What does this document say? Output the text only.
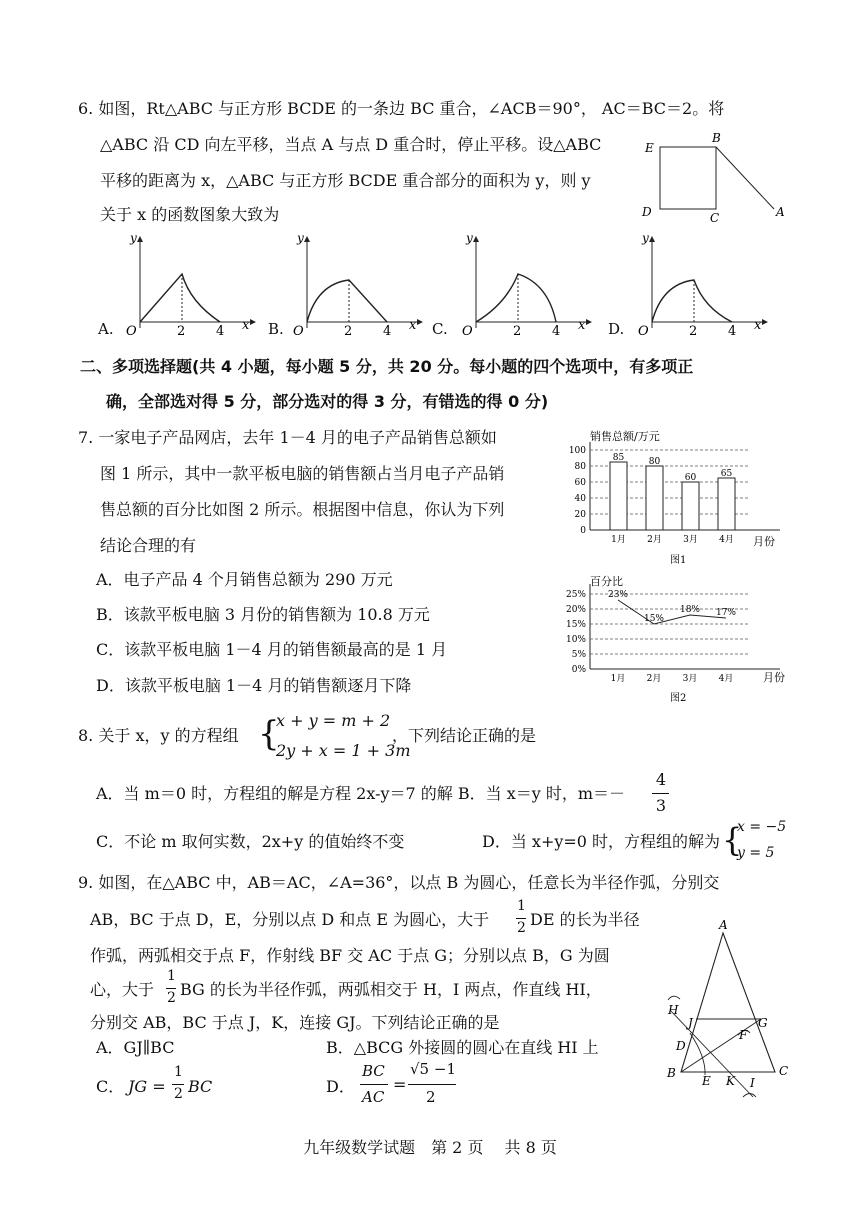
6. 如图，Rt△ABC 与正方形 BCDE 的一条边 BC 重合，∠ACB＝90°， AC＝BC＝2。将
△ABC 沿 CD 向左平移，当点 A 与点 D 重合时，停止平移。设△ABC
平移的距离为 x，△ABC 与正方形 BCDE 重合部分的面积为 y，则 y
关于 x 的函数图象大致为
E
B
D	C	A
A.	B.	C.	D.
y
O	2 4 x
y
O	2 4 x
y
O	2 4 x
y
O	2 4 x
二、多项选择题(共 4 小题，每小题 5 分，共 20 分。每小题的四个选项中，有多项正
确，全部选对得 5 分，部分选对的得 3 分，有错选的得 0 分)
7. 一家电子产品网店，去年 1－4 月的电子产品销售总额如
图 1 所示，其中一款平板电脑的销售额占当月电子产品销
售总额的百分比如图 2 所示。根据图中信息，你认为下列
结论合理的有
A．电子产品 4 个月销售总额为 290 万元
B．该款平板电脑 3 月份的销售额为 10.8 万元
C．该款平板电脑 1－4 月的销售额最高的是 1 月
D．该款平板电脑 1－4 月的销售额逐月下降
销售总额/万元
月份
图1
100
80
60
40
20
0
85
1月
80
2月
60
3月
65
4月
百分比
月份
图2
25%
20%
15%
10%
5%
0%
23%
1月
15%
2月
18%
3月
17%
4月
8. 关于 x，y 的方程组 {
x + y = m + 2
2y + x = 1 + 3m
，下列结论正确的是
A．当 m＝0 时，方程组的解是方程 2x-y＝7 的解 B．当 x＝y 时，m＝－
4
3
C．不论 m 取何实数，2x+y 的值始终不变	D．当 x+y=0 时，方程组的解为 {
x = −5
y = 5
9. 如图，在△ABC 中，AB＝AC，∠A=36°，以点 B 为圆心，任意长为半径作弧，分别交
AB，BC 于点 D，E，分别以点 D 和点 E 为圆心，大于
1
2 DE 的长为半径
作弧，两弧相交于点 F，作射线 BF 交 AC 于点 G；分别以点 B，G 为圆
心，大于
1
2 BG 的长为半径作弧，两弧相交于 H，I 两点，作直线 HI，
分别交 AB，BC 于点 J，K，连接 GJ。下列结论正确的是
A．GJ∥BC	B．△BCG 外接圆的圆心在直线 HI 上
C． JG =
1
2 BC	D．
BC
AC
=
√5 −1
2
A
B	C
D
E
F
G
H
I
J
K
九年级数学试题　第 2 页　 共 8 页
